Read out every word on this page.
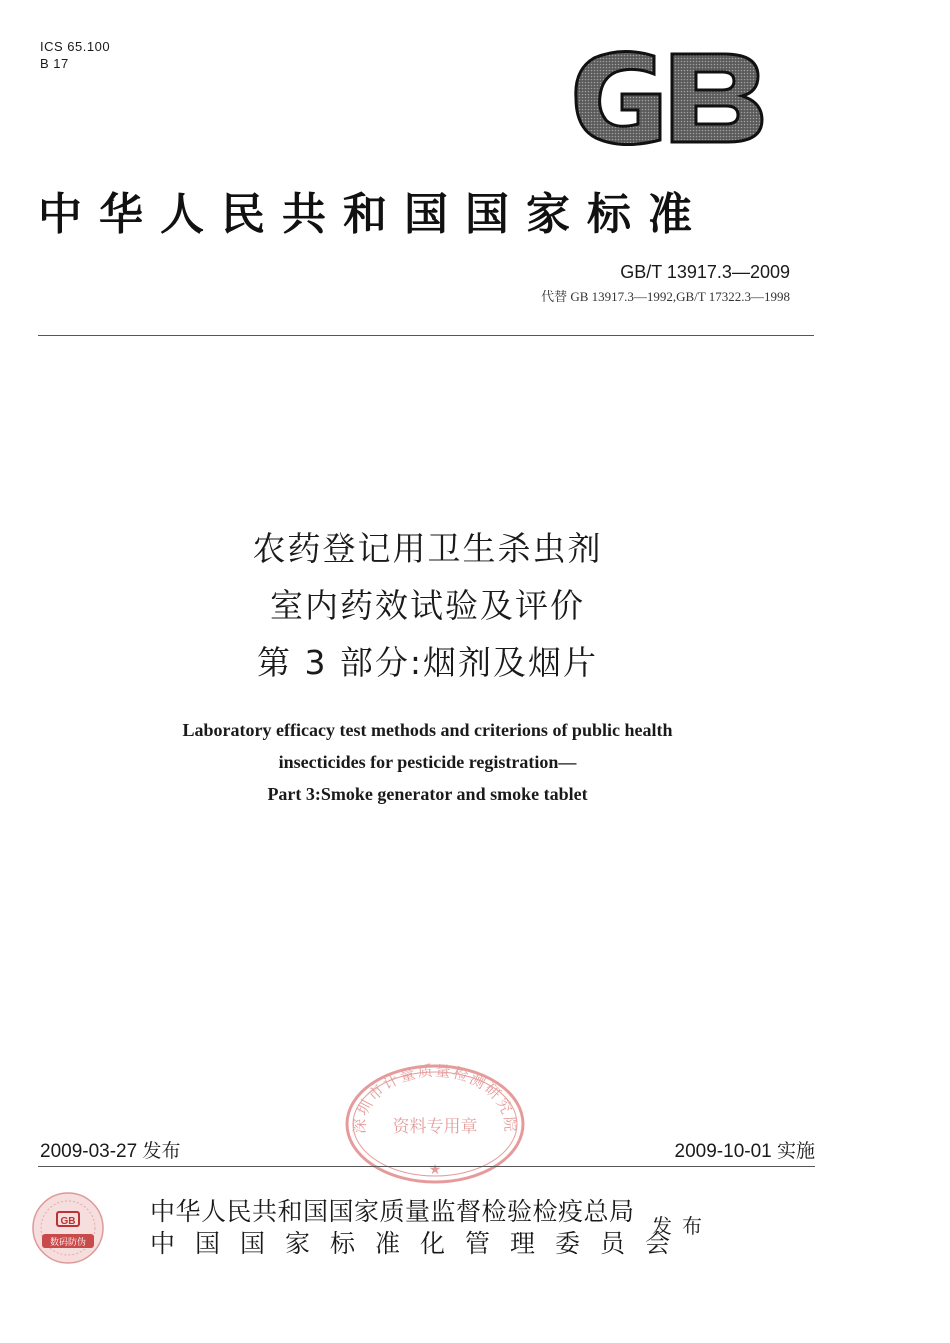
ICS 65.100
B 17
中华人民共和国国家标准
GB/T 13917.3—2009
代替 GB 13917.3—1992,GB/T 17322.3—1998
农药登记用卫生杀虫剂
室内药效试验及评价
第 3 部分:烟剂及烟片
Laboratory efficacy test methods and criterions of public health
insecticides for pesticide registration—
Part 3:Smoke generator and smoke tablet
深圳市计量质量检测研究院
资料专用章
★
2009-03-27 发布	2009-10-01 实施
GB
数码防伪
中华人民共和国国家质量监督检验检疫总局
中国国家标准化管理委员会
发布
